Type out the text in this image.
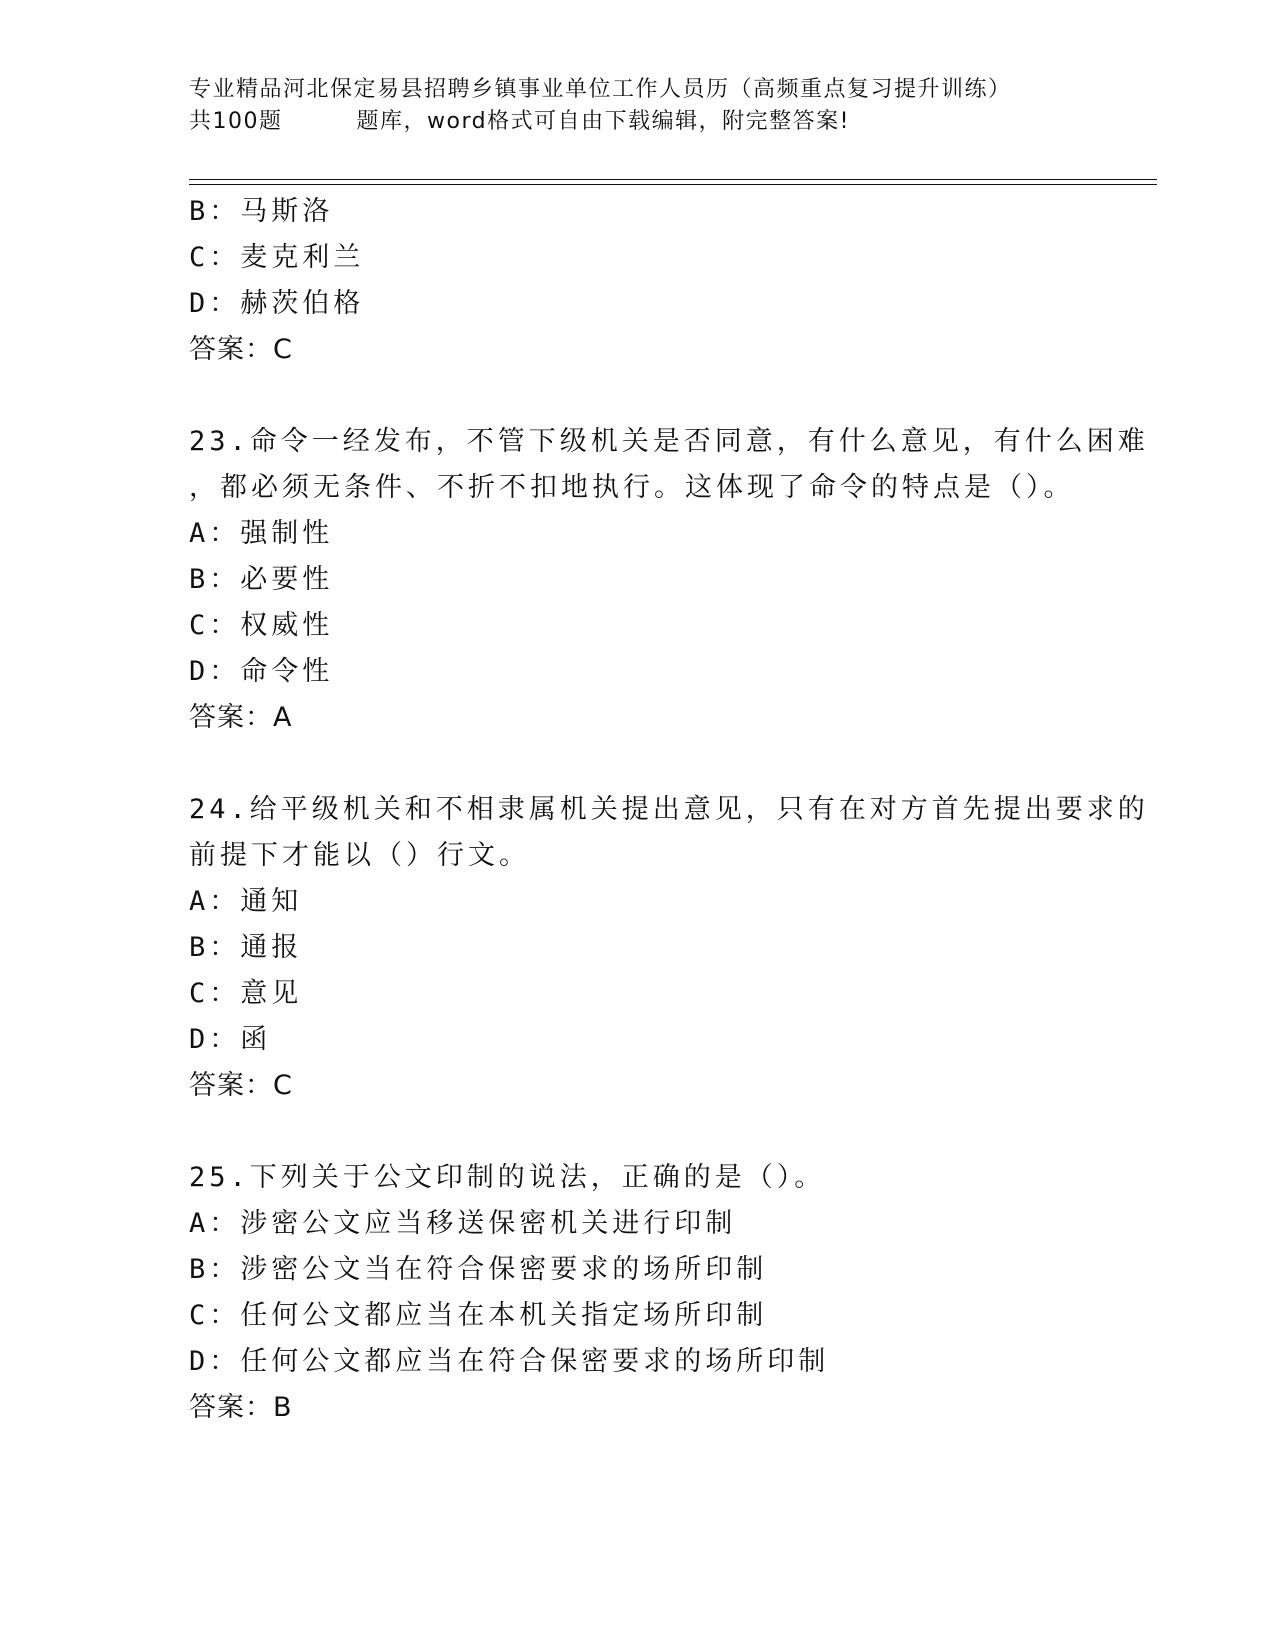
专业精品河北保定易县招聘乡镇事业单位工作人员历（高频重点复习提升训练）
共100题	题库，word格式可自由下载编辑，附完整答案!
B：马斯洛
C：麦克利兰
D：赫茨伯格
答案：C
23.命令一经发布，不管下级机关是否同意，有什么意见，有什么困难
，都必须无条件、不折不扣地执行。这体现了命令的特点是（）。
A：强制性
B：必要性
C：权威性
D：命令性
答案：A
24.给平级机关和不相隶属机关提出意见，只有在对方首先提出要求的
前提下才能以（）行文。
A：通知
B：通报
C：意见
D：函
答案：C
25.下列关于公文印制的说法，正确的是（）。
A：涉密公文应当移送保密机关进行印制
B：涉密公文当在符合保密要求的场所印制
C：任何公文都应当在本机关指定场所印制
D：任何公文都应当在符合保密要求的场所印制
答案：B
